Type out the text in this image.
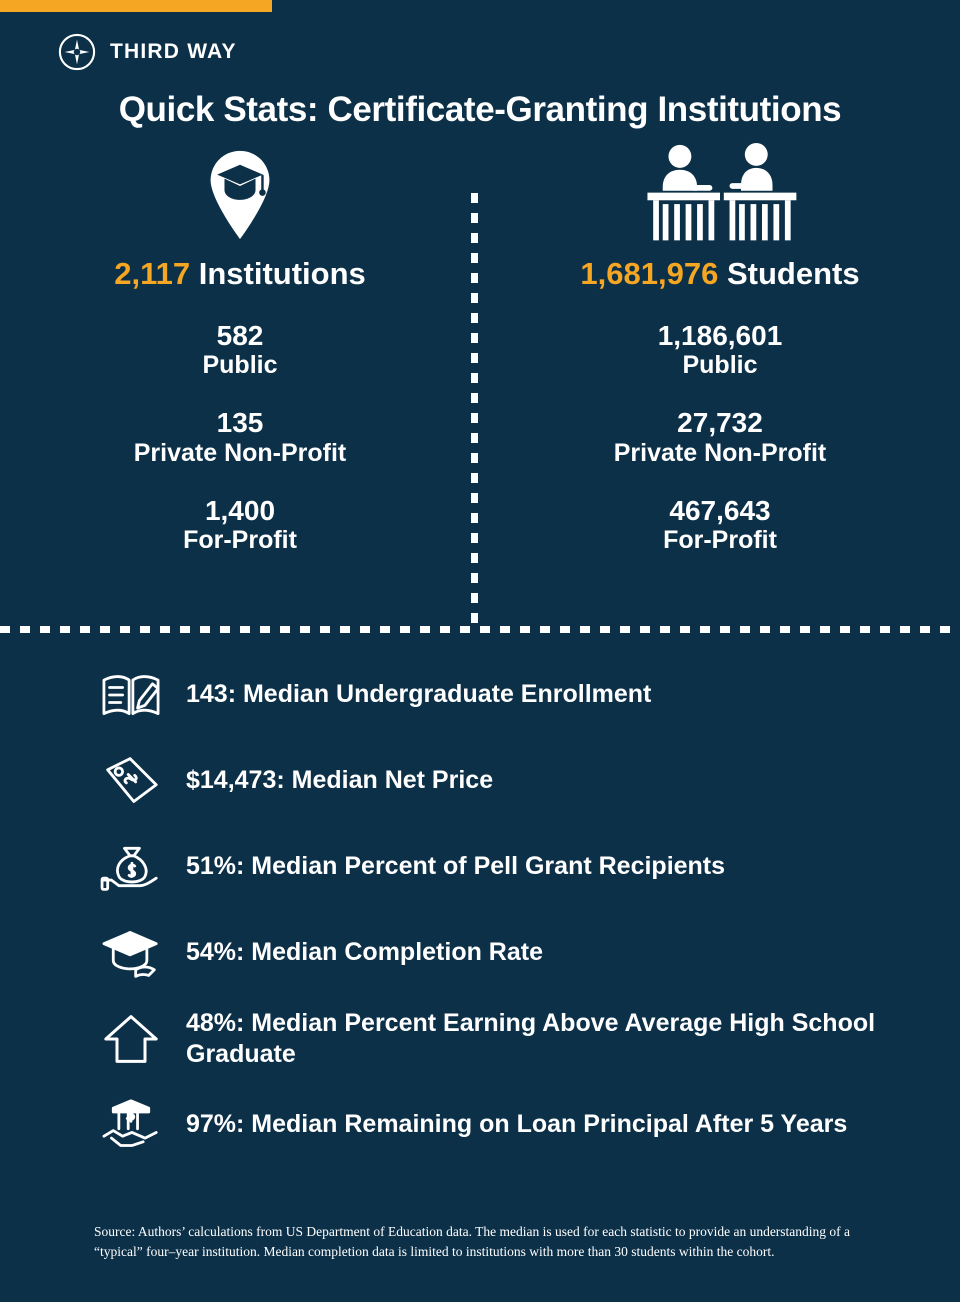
THIRD WAY
Quick Stats: Certificate-Granting Institutions
2,117 Institutions
582
Public
135
Private Non-Profit
1,400
For-Profit
1,681,976 Students
1,186,601
Public
27,732
Private Non-Profit
467,643
For-Profit
143: Median Undergraduate Enrollment
$14,473: Median Net Price
51%: Median Percent of Pell Grant Recipients
54%: Median Completion Rate
48%: Median Percent Earning Above Average High School Graduate
97%: Median Remaining on Loan Principal After 5 Years
Source: Authors’ calculations from US Department of Education data. The median is used for each statistic to provide an understanding of a “typical” four–year institution. Median completion data is limited to institutions with more than 30 students within the cohort.
